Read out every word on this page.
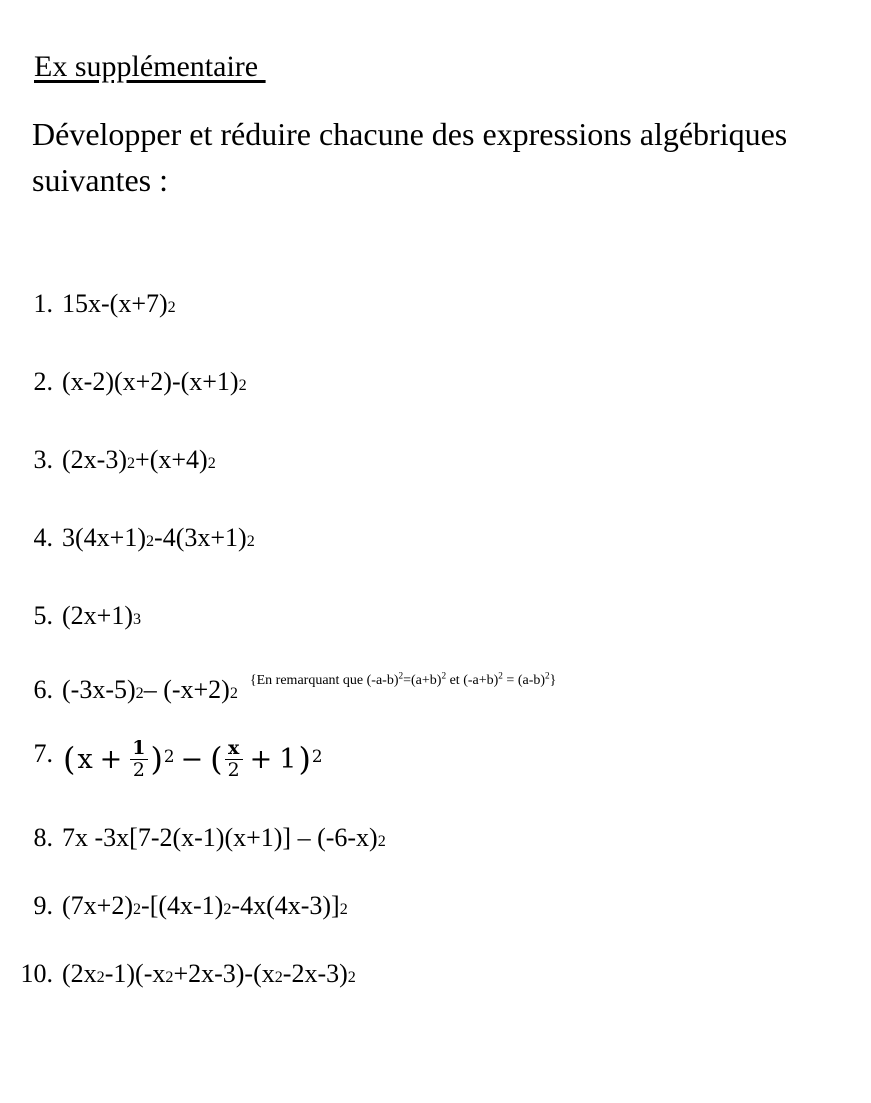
Ex supplémentaire
Développer et réduire chacune des expressions algébriques suivantes :
1. 15x-(x+7) 2
2. (x-2)(x+2)-(x+1) 2
3. (2x-3) 2 +(x+4) 2
4. 3(4x+1) 2 -4(3x+1) 2
5. (2x+1) 3
6. (-3x-5) 2 – (-x+2) 2
{En remarquant que $(-a-b)^2=(a+b)^2$ et $(-a+b)^2 = (a-b)^2$}
7. ( $x + \frac{1}{2} )^2$ − ( $\frac{x}{2} + 1$ )$^2$
8. 7x -3x[7-2(x-1)(x+1)] – (-6-x) 2
9. (7x+2) 2 -[(4x-1) 2 -4x(4x-3)] 2
10. (2x 2 -1)(-x 2 +2x-3)-(x 2 -2x-3) 2
